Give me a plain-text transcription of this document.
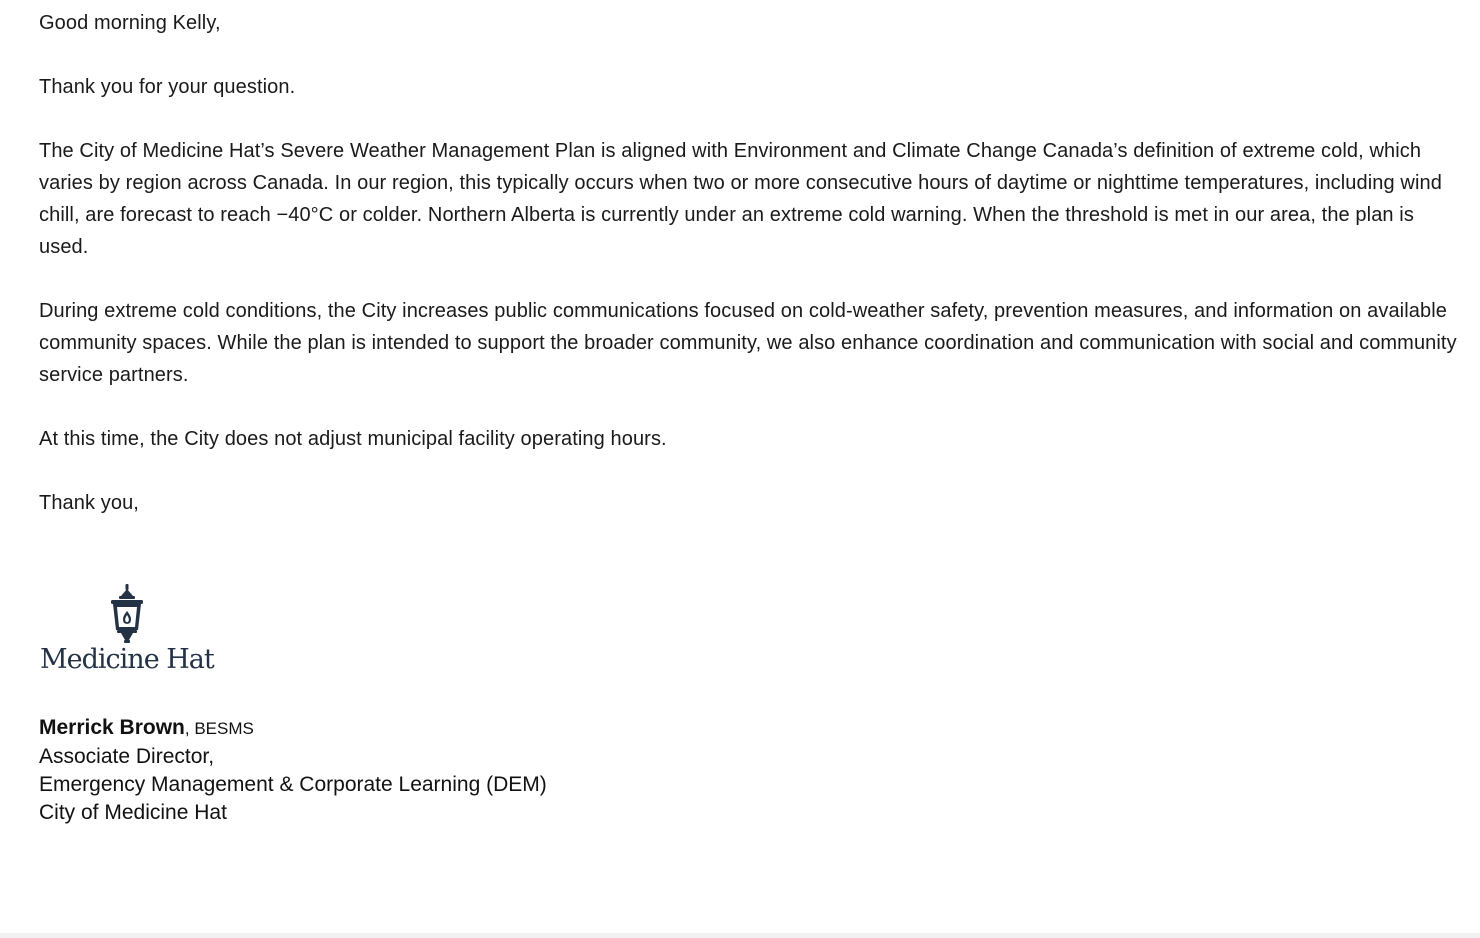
Good morning Kelly,

Thank you for your question.

The City of Medicine Hat’s Severe Weather Management Plan is aligned with Environment and Climate Change Canada’s definition of extreme cold, which varies by region across Canada. In our region, this typically occurs when two or more consecutive hours of daytime or nighttime temperatures, including wind chill, are forecast to reach −40°C or colder. Northern Alberta is currently under an extreme cold warning. When the threshold is met in our area, the plan is used.

During extreme cold conditions, the City increases public communications focused on cold-weather safety, prevention measures, and information on available community spaces. While the plan is intended to support the broader community, we also enhance coordination and communication with social and community service partners.

At this time, the City does not adjust municipal facility operating hours.

Thank you,

Medicine Hat
Merrick Brown, BESMS
Associate Director,
Emergency Management & Corporate Learning (DEM)
City of Medicine Hat
